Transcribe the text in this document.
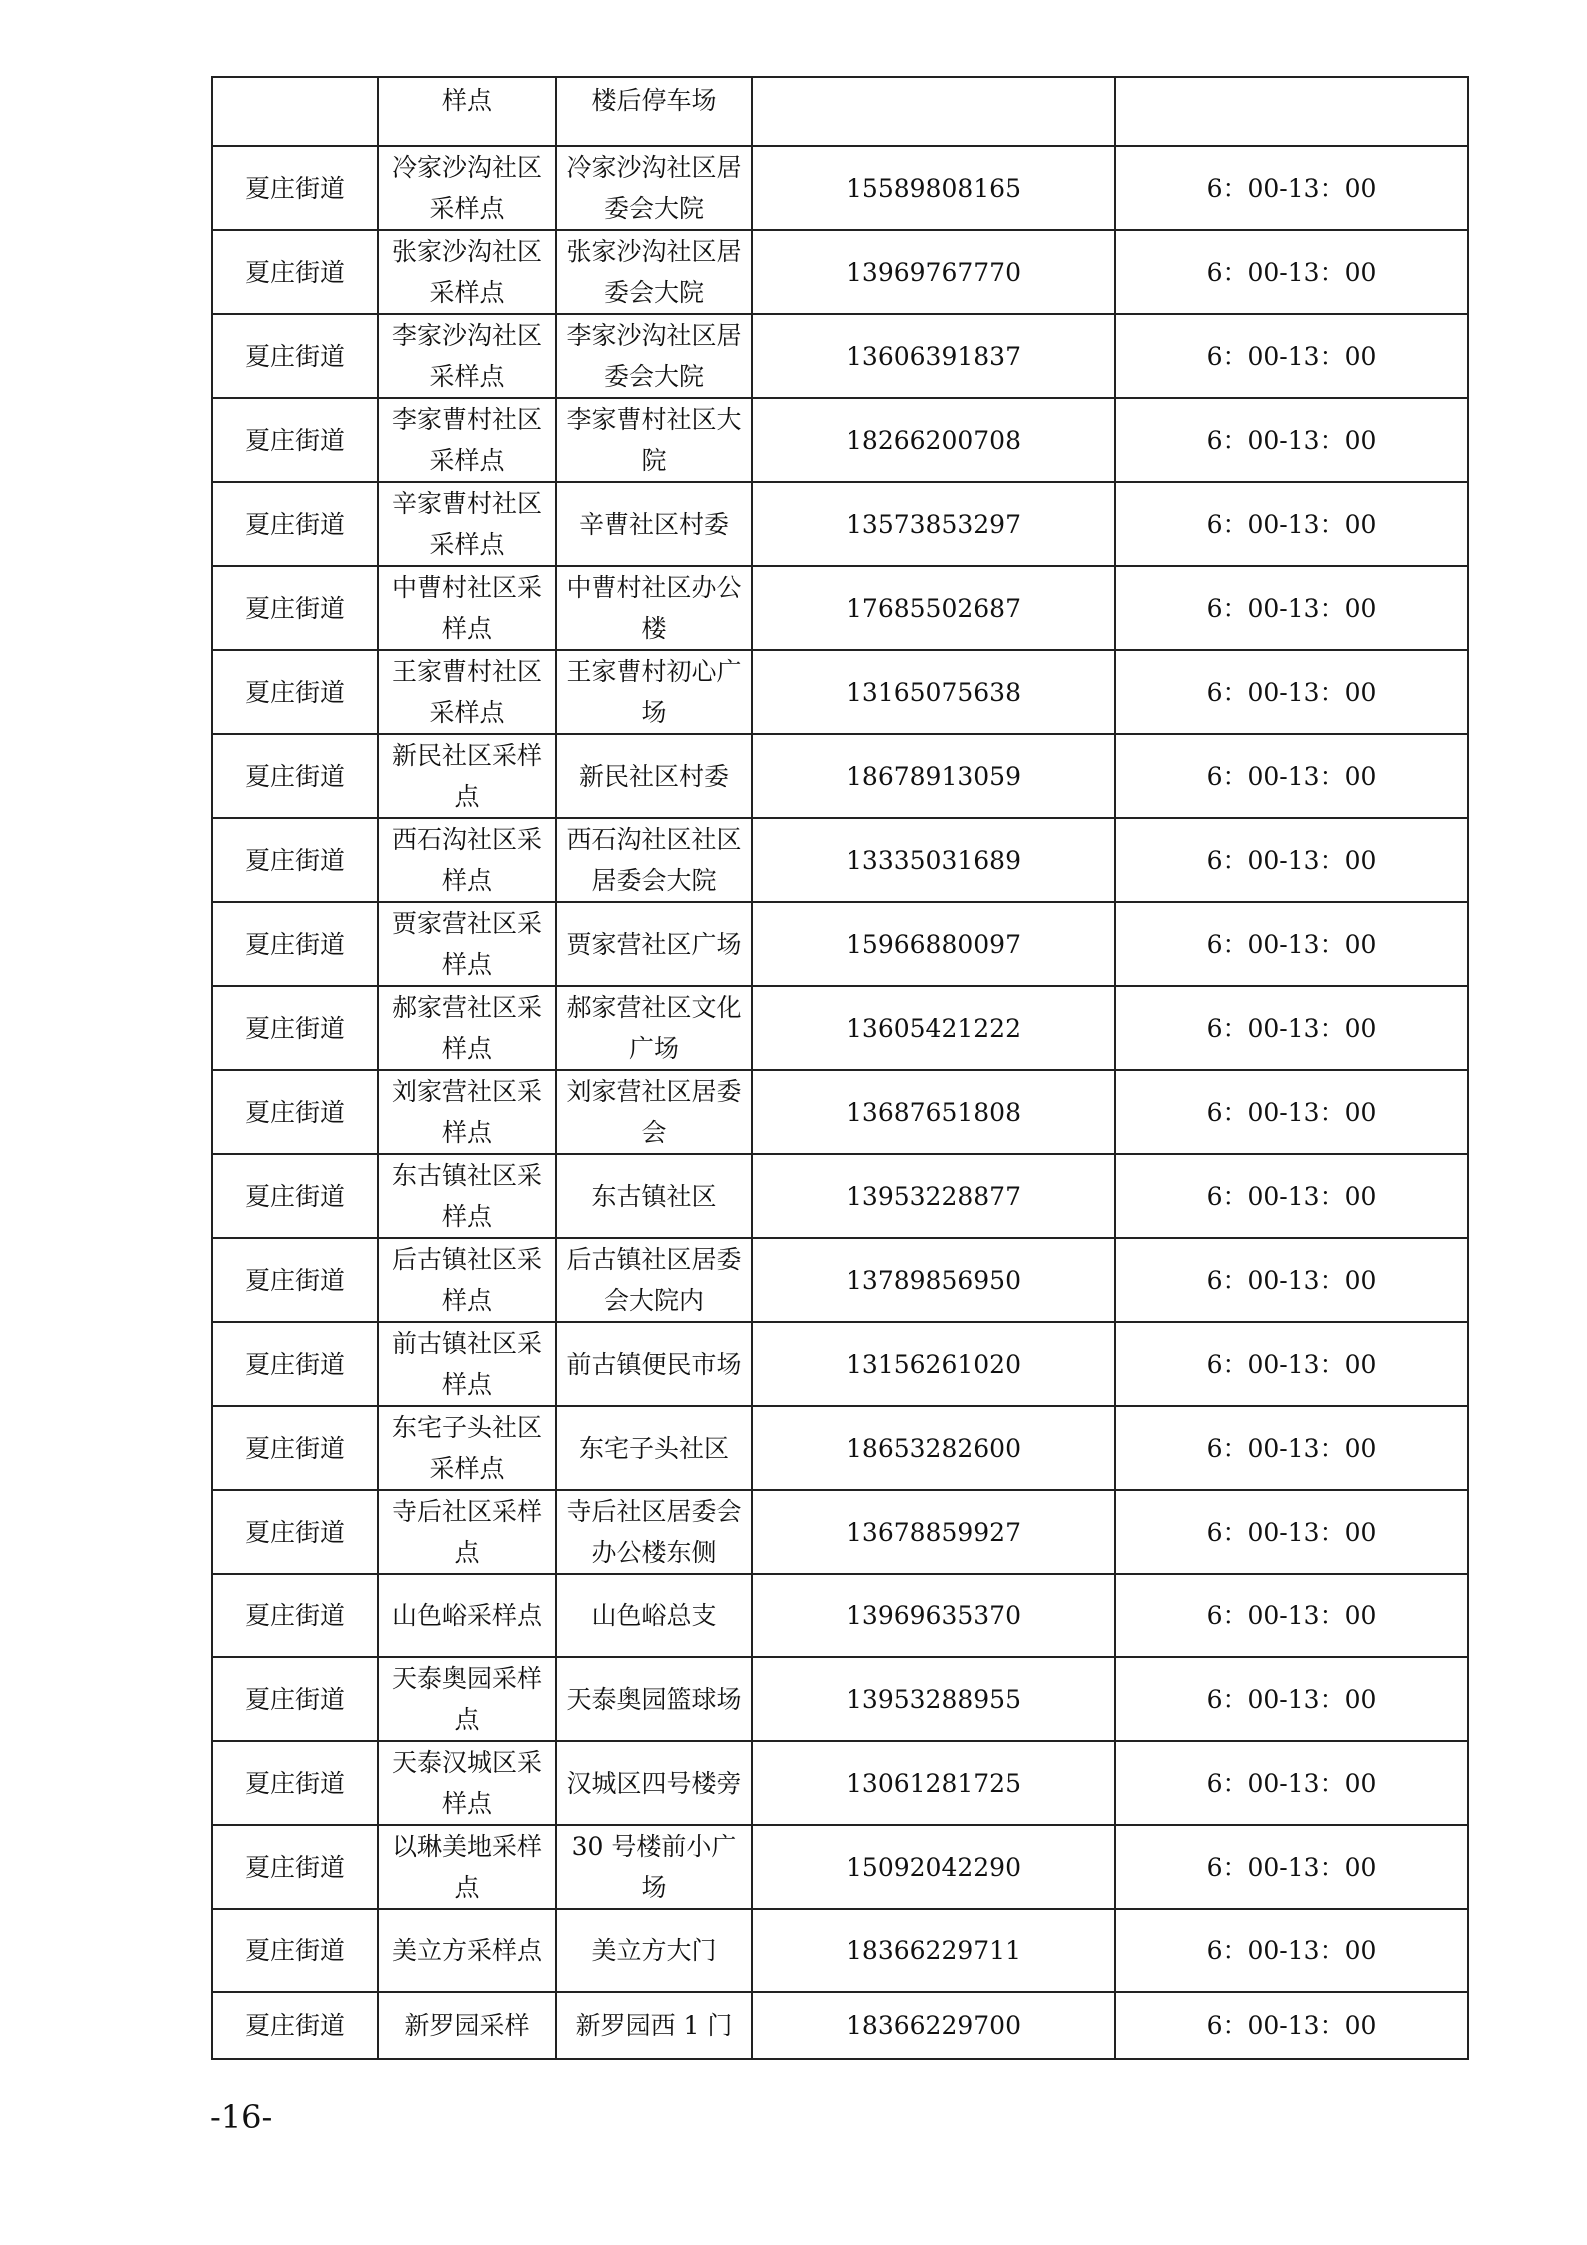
	样点	楼后停车场		
夏庄街道	冷家沙沟社区采样点	冷家沙沟社区居委会大院	15589808165	6：00-13：00
夏庄街道	张家沙沟社区采样点	张家沙沟社区居委会大院	13969767770	6：00-13：00
夏庄街道	李家沙沟社区采样点	李家沙沟社区居委会大院	13606391837	6：00-13：00
夏庄街道	李家曹村社区采样点	李家曹村社区大院	18266200708	6：00-13：00
夏庄街道	辛家曹村社区采样点	辛曹社区村委	13573853297	6：00-13：00
夏庄街道	中曹村社区采样点	中曹村社区办公楼	17685502687	6：00-13：00
夏庄街道	王家曹村社区采样点	王家曹村初心广场	13165075638	6：00-13：00
夏庄街道	新民社区采样点	新民社区村委	18678913059	6：00-13：00
夏庄街道	西石沟社区采样点	西石沟社区社区居委会大院	13335031689	6：00-13：00
夏庄街道	贾家营社区采样点	贾家营社区广场	15966880097	6：00-13：00
夏庄街道	郝家营社区采样点	郝家营社区文化广场	13605421222	6：00-13：00
夏庄街道	刘家营社区采样点	刘家营社区居委会	13687651808	6：00-13：00
夏庄街道	东古镇社区采样点	东古镇社区	13953228877	6：00-13：00
夏庄街道	后古镇社区采样点	后古镇社区居委会大院内	13789856950	6：00-13：00
夏庄街道	前古镇社区采样点	前古镇便民市场	13156261020	6：00-13：00
夏庄街道	东宅子头社区采样点	东宅子头社区	18653282600	6：00-13：00
夏庄街道	寺后社区采样点	寺后社区居委会办公楼东侧	13678859927	6：00-13：00
夏庄街道	山色峪采样点	山色峪总支	13969635370	6：00-13：00
夏庄街道	天泰奥园采样点	天泰奥园篮球场	13953288955	6：00-13：00
夏庄街道	天泰汉城区采样点	汉城区四号楼旁	13061281725	6：00-13：00
夏庄街道	以琳美地采样点	30 号楼前小广场	15092042290	6：00-13：00
夏庄街道	美立方采样点	美立方大门	18366229711	6：00-13：00
夏庄街道	新罗园采样	新罗园西 1 门	18366229700	6：00-13：00
-16-
